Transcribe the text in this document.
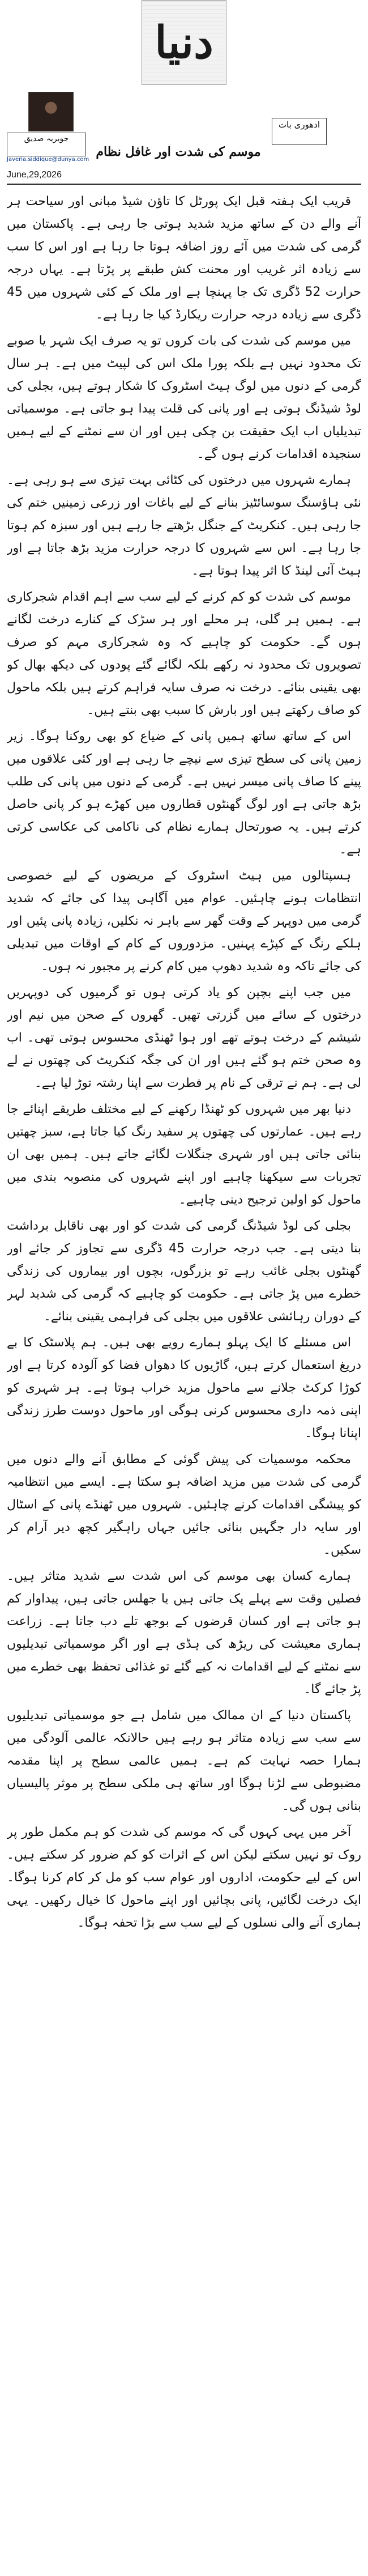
دنیا
جویریہ صدیق
Javeria.siddique@dunya.com
ادھوری بات
موسم کی شدت اور غافل نظام
June,29,2026

قریب ایک ہفتہ قبل ایک پورٹل کا تاؤن شیڈ مبانی اور سیاحت ہر آنے والے دن کے ساتھ مزید شدید ہوتی جا رہی ہے۔ پاکستان میں گرمی کی شدت میں آئے روز اضافہ ہوتا جا رہا ہے اور اس کا سب سے زیادہ اثر غریب اور محنت کش طبقے پر پڑتا ہے۔ یہاں درجہ حرارت 52 ڈگری تک جا پہنچا ہے اور ملک کے کئی شہروں میں 45 ڈگری سے زیادہ درجہ حرارت ریکارڈ کیا جا رہا ہے۔

میں موسم کی شدت کی بات کروں تو یہ صرف ایک شہر یا صوبے تک محدود نہیں ہے بلکہ پورا ملک اس کی لپیٹ میں ہے۔ ہر سال گرمی کے دنوں میں لوگ ہیٹ اسٹروک کا شکار ہوتے ہیں، بجلی کی لوڈ شیڈنگ ہوتی ہے اور پانی کی قلت پیدا ہو جاتی ہے۔ موسمیاتی تبدیلیاں اب ایک حقیقت بن چکی ہیں اور ان سے نمٹنے کے لیے ہمیں سنجیدہ اقدامات کرنے ہوں گے۔

ہمارے شہروں میں درختوں کی کٹائی بہت تیزی سے ہو رہی ہے۔ نئی ہاؤسنگ سوسائٹیز بنانے کے لیے باغات اور زرعی زمینیں ختم کی جا رہی ہیں۔ کنکریٹ کے جنگل بڑھتے جا رہے ہیں اور سبزہ کم ہوتا جا رہا ہے۔ اس سے شہروں کا درجہ حرارت مزید بڑھ جاتا ہے اور ہیٹ آئی لینڈ کا اثر پیدا ہوتا ہے۔

موسم کی شدت کو کم کرنے کے لیے سب سے اہم اقدام شجرکاری ہے۔ ہمیں ہر گلی، ہر محلے اور ہر سڑک کے کنارے درخت لگانے ہوں گے۔ حکومت کو چاہیے کہ وہ شجرکاری مہم کو صرف تصویروں تک محدود نہ رکھے بلکہ لگائے گئے پودوں کی دیکھ بھال کو بھی یقینی بنائے۔ درخت نہ صرف سایہ فراہم کرتے ہیں بلکہ ماحول کو صاف رکھتے ہیں اور بارش کا سبب بھی بنتے ہیں۔

اس کے ساتھ ساتھ ہمیں پانی کے ضیاع کو بھی روکنا ہوگا۔ زیر زمین پانی کی سطح تیزی سے نیچے جا رہی ہے اور کئی علاقوں میں پینے کا صاف پانی میسر نہیں ہے۔ گرمی کے دنوں میں پانی کی طلب بڑھ جاتی ہے اور لوگ گھنٹوں قطاروں میں کھڑے ہو کر پانی حاصل کرتے ہیں۔ یہ صورتحال ہمارے نظام کی ناکامی کی عکاسی کرتی ہے۔

ہسپتالوں میں ہیٹ اسٹروک کے مریضوں کے لیے خصوصی انتظامات ہونے چاہئیں۔ عوام میں آگاہی پیدا کی جائے کہ شدید گرمی میں دوپہر کے وقت گھر سے باہر نہ نکلیں، زیادہ پانی پئیں اور ہلکے رنگ کے کپڑے پہنیں۔ مزدوروں کے کام کے اوقات میں تبدیلی کی جائے تاکہ وہ شدید دھوپ میں کام کرنے پر مجبور نہ ہوں۔

میں جب اپنے بچپن کو یاد کرتی ہوں تو گرمیوں کی دوپہریں درختوں کے سائے میں گزرتی تھیں۔ گھروں کے صحن میں نیم اور شیشم کے درخت ہوتے تھے اور ہوا ٹھنڈی محسوس ہوتی تھی۔ اب وہ صحن ختم ہو گئے ہیں اور ان کی جگہ کنکریٹ کی چھتوں نے لے لی ہے۔ ہم نے ترقی کے نام پر فطرت سے اپنا رشتہ توڑ لیا ہے۔

دنیا بھر میں شہروں کو ٹھنڈا رکھنے کے لیے مختلف طریقے اپنائے جا رہے ہیں۔ عمارتوں کی چھتوں پر سفید رنگ کیا جاتا ہے، سبز چھتیں بنائی جاتی ہیں اور شہری جنگلات لگائے جاتے ہیں۔ ہمیں بھی ان تجربات سے سیکھنا چاہیے اور اپنے شہروں کی منصوبہ بندی میں ماحول کو اولین ترجیح دینی چاہیے۔

بجلی کی لوڈ شیڈنگ گرمی کی شدت کو اور بھی ناقابل برداشت بنا دیتی ہے۔ جب درجہ حرارت 45 ڈگری سے تجاوز کر جائے اور گھنٹوں بجلی غائب رہے تو بزرگوں، بچوں اور بیماروں کی زندگی خطرے میں پڑ جاتی ہے۔ حکومت کو چاہیے کہ گرمی کی شدید لہر کے دوران رہائشی علاقوں میں بجلی کی فراہمی یقینی بنائے۔

اس مسئلے کا ایک پہلو ہمارے رویے بھی ہیں۔ ہم پلاسٹک کا بے دریغ استعمال کرتے ہیں، گاڑیوں کا دھواں فضا کو آلودہ کرتا ہے اور کوڑا کرکٹ جلانے سے ماحول مزید خراب ہوتا ہے۔ ہر شہری کو اپنی ذمہ داری محسوس کرنی ہوگی اور ماحول دوست طرز زندگی اپنانا ہوگا۔

محکمہ موسمیات کی پیش گوئی کے مطابق آنے والے دنوں میں گرمی کی شدت میں مزید اضافہ ہو سکتا ہے۔ ایسے میں انتظامیہ کو پیشگی اقدامات کرنے چاہئیں۔ شہروں میں ٹھنڈے پانی کے اسٹال اور سایہ دار جگہیں بنائی جائیں جہاں راہگیر کچھ دیر آرام کر سکیں۔

ہمارے کسان بھی موسم کی اس شدت سے شدید متاثر ہیں۔ فصلیں وقت سے پہلے پک جاتی ہیں یا جھلس جاتی ہیں، پیداوار کم ہو جاتی ہے اور کسان قرضوں کے بوجھ تلے دب جاتا ہے۔ زراعت ہماری معیشت کی ریڑھ کی ہڈی ہے اور اگر موسمیاتی تبدیلیوں سے نمٹنے کے لیے اقدامات نہ کیے گئے تو غذائی تحفظ بھی خطرے میں پڑ جائے گا۔

پاکستان دنیا کے ان ممالک میں شامل ہے جو موسمیاتی تبدیلیوں سے سب سے زیادہ متاثر ہو رہے ہیں حالانکہ عالمی آلودگی میں ہمارا حصہ نہایت کم ہے۔ ہمیں عالمی سطح پر اپنا مقدمہ مضبوطی سے لڑنا ہوگا اور ساتھ ہی ملکی سطح پر موثر پالیسیاں بنانی ہوں گی۔

آخر میں یہی کہوں گی کہ موسم کی شدت کو ہم مکمل طور پر روک تو نہیں سکتے لیکن اس کے اثرات کو کم ضرور کر سکتے ہیں۔ اس کے لیے حکومت، اداروں اور عوام سب کو مل کر کام کرنا ہوگا۔ ایک درخت لگائیں، پانی بچائیں اور اپنے ماحول کا خیال رکھیں۔ یہی ہماری آنے والی نسلوں کے لیے سب سے بڑا تحفہ ہوگا۔
